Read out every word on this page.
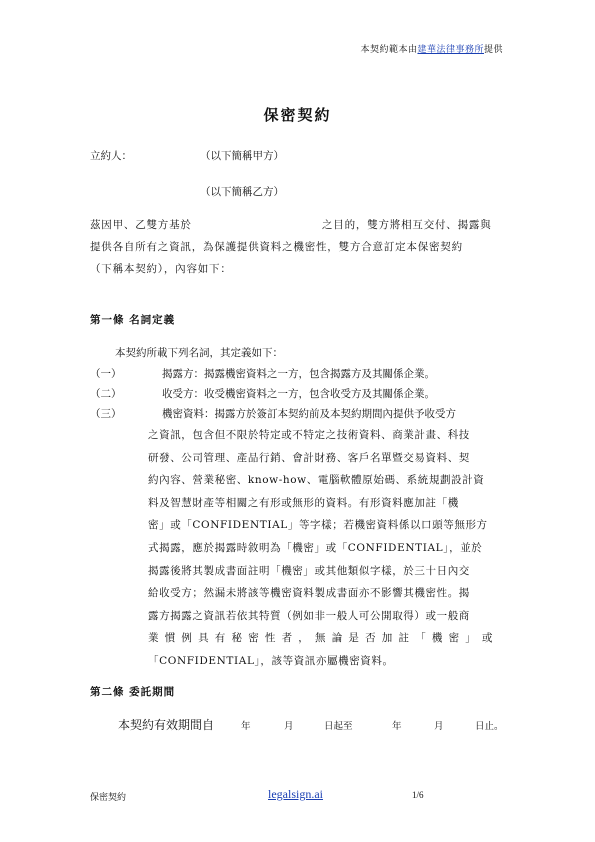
本契約範本由建華法律事務所提供
保密契約
立約人：	（以下簡稱甲方）
（以下簡稱乙方）
茲因甲、乙雙方基於	之目的，雙方將相互交付、揭露與
提供各自所有之資訊，為保護提供資料之機密性，雙方合意訂定本保密契約
（下稱本契約），內容如下：
第一條 名詞定義
本契約所載下列名詞，其定義如下：
（一）	揭露方：揭露機密資料之一方，包含揭露方及其關係企業。
（二）	收受方：收受機密資料之一方，包含收受方及其關係企業。
（三）	機密資料：揭露方於簽訂本契約前及本契約期間內提供予收受方
之資訊，包含但不限於特定或不特定之技術資料、商業計畫、科技
研發、公司管理、產品行銷、會計財務、客戶名單暨交易資料、契
約內容、營業秘密、know-how、電腦軟體原始碼、系統規劃設計資
料及智慧財產等相關之有形或無形的資料。有形資料應加註「機
密」或「CONFIDENTIAL」等字樣；若機密資料係以口頭等無形方
式揭露，應於揭露時敘明為「機密」或「CONFIDENTIAL」，並於
揭露後將其製成書面註明「機密」或其他類似字樣，於三十日內交
給收受方；然漏未將該等機密資料製成書面亦不影響其機密性。揭
露方揭露之資訊若依其特質（例如非一般人可公開取得）或一般商
業慣例具有秘密性者，無論是否加註「機密」或
「CONFIDENTIAL」，該等資訊亦屬機密資料。
第二條 委託期間
本契約有效期間自	年	月	日起至	年	月	日止。
保密契約	legalsign.ai	1/6
